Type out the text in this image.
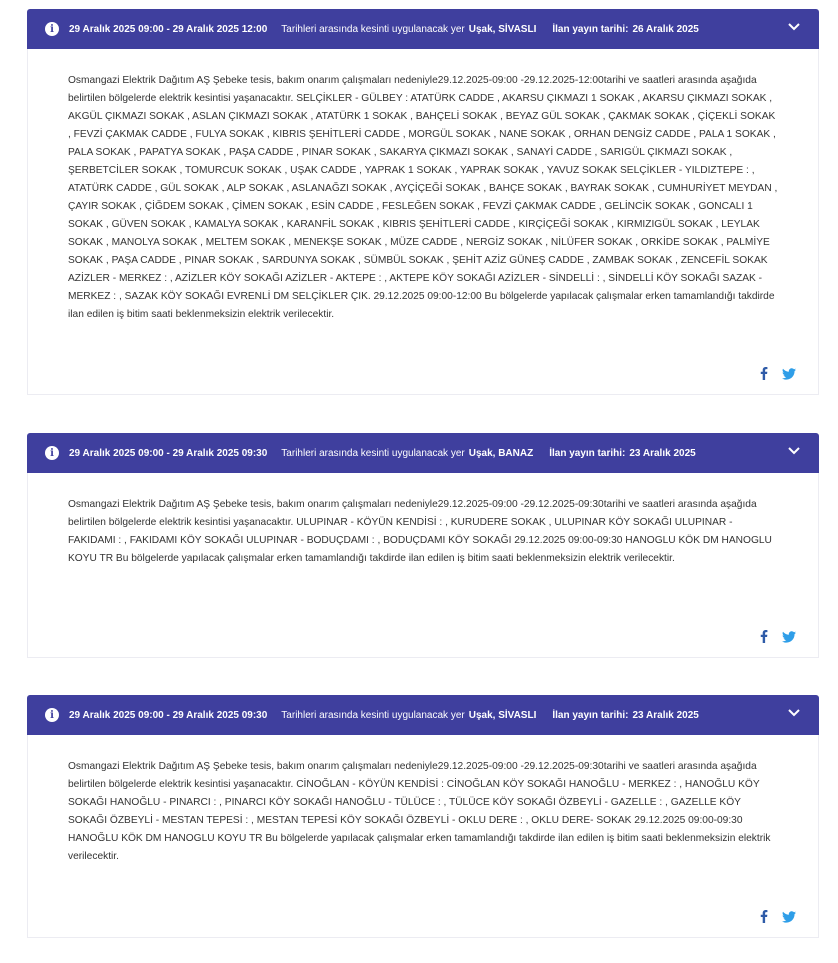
i	29 Aralık 2025 09:00 - 29 Aralık 2025 12:00 Tarihleri arasında kesinti uygulanacak yer Uşak, SİVASLI İlan yayın tarihi: 26 Aralık 2025
Osmangazi Elektrik Dağıtım AŞ Şebeke tesis, bakım onarım çalışmaları nedeniyle29.12.2025-09:00 -29.12.2025-12:00tarihi ve saatleri arasında aşağıda belirtilen bölgelerde elektrik kesintisi yaşanacaktır. SELÇİKLER - GÜLBEY : ATATÜRK CADDE , AKARSU ÇIKMAZI 1 SOKAK , AKARSU ÇIKMAZI SOKAK , AKGÜL ÇIKMAZI SOKAK , ASLAN ÇIKMAZI SOKAK , ATATÜRK 1 SOKAK , BAHÇELİ SOKAK , BEYAZ GÜL SOKAK , ÇAKMAK SOKAK , ÇİÇEKLİ SOKAK , FEVZİ ÇAKMAK CADDE , FULYA SOKAK , KIBRIS ŞEHİTLERİ CADDE , MORGÜL SOKAK , NANE SOKAK , ORHAN DENGİZ CADDE , PALA 1 SOKAK , PALA SOKAK , PAPATYA SOKAK , PAŞA CADDE , PINAR SOKAK , SAKARYA ÇIKMAZI SOKAK , SANAYİ CADDE , SARIGÜL ÇIKMAZI SOKAK , ŞERBETCİLER SOKAK , TOMURCUK SOKAK , UŞAK CADDE , YAPRAK 1 SOKAK , YAPRAK SOKAK , YAVUZ SOKAK SELÇİKLER - YILDIZTEPE : , ATATÜRK CADDE , GÜL SOKAK , ALP SOKAK , ASLANAĞZI SOKAK , AYÇİÇEĞİ SOKAK , BAHÇE SOKAK , BAYRAK SOKAK , CUMHURİYET MEYDAN , ÇAYIR SOKAK , ÇİĞDEM SOKAK , ÇİMEN SOKAK , ESİN CADDE , FESLEĞEN SOKAK , FEVZİ ÇAKMAK CADDE , GELİNCİK SOKAK , GONCALI 1 SOKAK , GÜVEN SOKAK , KAMALYA SOKAK , KARANFİL SOKAK , KIBRIS ŞEHİTLERİ CADDE , KIRÇİÇEĞİ SOKAK , KIRMIZIGÜL SOKAK , LEYLAK SOKAK , MANOLYA SOKAK , MELTEM SOKAK , MENEKŞE SOKAK , MÜZE CADDE , NERGİZ SOKAK , NİLÜFER SOKAK , ORKİDE SOKAK , PALMİYE SOKAK , PAŞA CADDE , PINAR SOKAK , SARDUNYA SOKAK , SÜMBÜL SOKAK , ŞEHİT AZİZ GÜNEŞ CADDE , ZAMBAK SOKAK , ZENCEFİL SOKAK AZİZLER - MERKEZ : , AZİZLER KÖY SOKAĞI AZİZLER - AKTEPE : , AKTEPE KÖY SOKAĞI AZİZLER - SİNDELLİ : , SİNDELLİ KÖY SOKAĞI SAZAK - MERKEZ : , SAZAK KÖY SOKAĞI EVRENLİ DM SELÇİKLER ÇIK. 29.12.2025 09:00-12:00 Bu bölgelerde yapılacak çalışmalar erken tamamlandığı takdirde ilan edilen iş bitim saati beklenmeksizin elektrik verilecektir.
i	29 Aralık 2025 09:00 - 29 Aralık 2025 09:30 Tarihleri arasında kesinti uygulanacak yer Uşak, BANAZ İlan yayın tarihi: 23 Aralık 2025
Osmangazi Elektrik Dağıtım AŞ Şebeke tesis, bakım onarım çalışmaları nedeniyle29.12.2025-09:00 -29.12.2025-09:30tarihi ve saatleri arasında aşağıda belirtilen bölgelerde elektrik kesintisi yaşanacaktır. ULUPINAR - KÖYÜN KENDİSİ : , KURUDERE SOKAK , ULUPINAR KÖY SOKAĞI ULUPINAR - FAKIDAMI : , FAKIDAMI KÖY SOKAĞI ULUPINAR - BODUÇDAMI : , BODUÇDAMI KÖY SOKAĞI 29.12.2025 09:00-09:30 HANOGLU KÖK DM HANOGLU KOYU TR Bu bölgelerde yapılacak çalışmalar erken tamamlandığı takdirde ilan edilen iş bitim saati beklenmeksizin elektrik verilecektir.
i	29 Aralık 2025 09:00 - 29 Aralık 2025 09:30 Tarihleri arasında kesinti uygulanacak yer Uşak, SİVASLI İlan yayın tarihi: 23 Aralık 2025
Osmangazi Elektrik Dağıtım AŞ Şebeke tesis, bakım onarım çalışmaları nedeniyle29.12.2025-09:00 -29.12.2025-09:30tarihi ve saatleri arasında aşağıda belirtilen bölgelerde elektrik kesintisi yaşanacaktır. CİNOĞLAN - KÖYÜN KENDİSİ : CİNOĞLAN KÖY SOKAĞI HANOĞLU - MERKEZ : , HANOĞLU KÖY SOKAĞI HANOĞLU - PINARCI : , PINARCI KÖY SOKAĞI HANOĞLU - TÜLÜCE : , TÜLÜCE KÖY SOKAĞI ÖZBEYLİ - GAZELLE : , GAZELLE KÖY SOKAĞI ÖZBEYLİ - MESTAN TEPESİ : , MESTAN TEPESİ KÖY SOKAĞI ÖZBEYLİ - OKLU DERE : , OKLU DERE- SOKAK 29.12.2025 09:00-09:30 HANOĞLU KÖK DM HANOGLU KOYU TR Bu bölgelerde yapılacak çalışmalar erken tamamlandığı takdirde ilan edilen iş bitim saati beklenmeksizin elektrik verilecektir.
